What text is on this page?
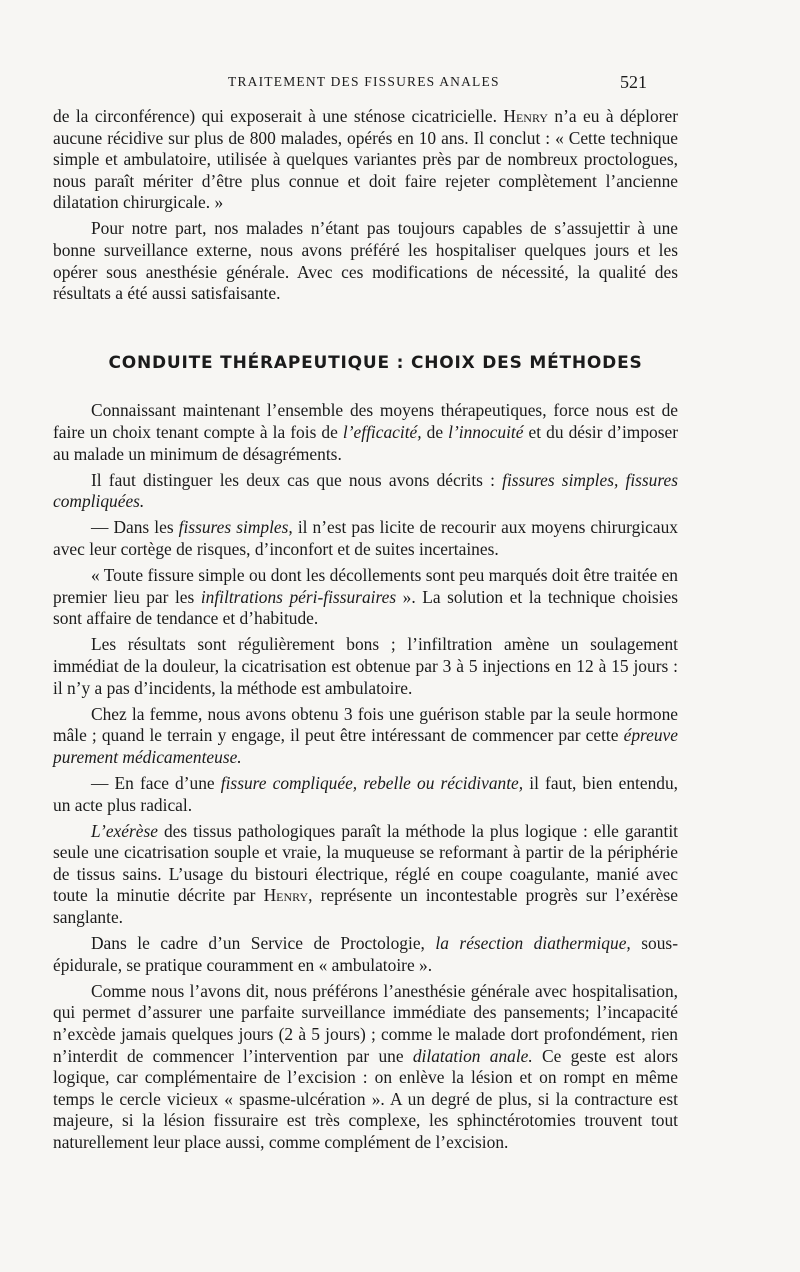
TRAITEMENT DES FISSURES ANALES	521

de la circonférence) qui exposerait à une sténose cicatricielle. Henry n’a eu à déplorer aucune récidive sur plus de 800 malades, opérés en 10 ans. Il conclut : « Cette technique simple et ambulatoire, utilisée à quelques variantes près par de nombreux proctologues, nous paraît mériter d’être plus connue et doit faire rejeter complètement l’ancienne dilatation chirurgicale. »

Pour notre part, nos malades n’étant pas toujours capables de s’assujettir à une bonne surveillance externe, nous avons préféré les hospitaliser quelques jours et les opérer sous anesthésie générale. Avec ces modifications de nécessité, la qualité des résultats a été aussi satisfaisante.

CONDUITE THÉRAPEUTIQUE : CHOIX DES MÉTHODES

Connaissant maintenant l’ensemble des moyens thérapeutiques, force nous est de faire un choix tenant compte à la fois de l’efficacité, de l’innocuité et du désir d’imposer au malade un minimum de désagréments.

Il faut distinguer les deux cas que nous avons décrits : fissures simples, fissures compliquées.

— Dans les fissures simples, il n’est pas licite de recourir aux moyens chirurgicaux avec leur cortège de risques, d’inconfort et de suites incertaines.

« Toute fissure simple ou dont les décollements sont peu marqués doit être traitée en premier lieu par les infiltrations péri-fissuraires ». La solution et la technique choisies sont affaire de tendance et d’habitude.

Les résultats sont régulièrement bons ; l’infiltration amène un soulagement immédiat de la douleur, la cicatrisation est obtenue par 3 à 5 injections en 12 à 15 jours : il n’y a pas d’incidents, la méthode est ambulatoire.

Chez la femme, nous avons obtenu 3 fois une guérison stable par la seule hormone mâle ; quand le terrain y engage, il peut être intéressant de commencer par cette épreuve purement médicamenteuse.

— En face d’une fissure compliquée, rebelle ou récidivante, il faut, bien entendu, un acte plus radical.

L’exérèse des tissus pathologiques paraît la méthode la plus logique : elle garantit seule une cicatrisation souple et vraie, la muqueuse se reformant à partir de la périphérie de tissus sains. L’usage du bistouri électrique, réglé en coupe coagulante, manié avec toute la minutie décrite par Henry, représente un incontestable progrès sur l’exérèse sanglante.

Dans le cadre d’un Service de Proctologie, la résection diathermique, sous-épidurale, se pratique couramment en « ambulatoire ».

Comme nous l’avons dit, nous préférons l’anesthésie générale avec hospitalisation, qui permet d’assurer une parfaite surveillance immédiate des pansements; l’incapacité n’excède jamais quelques jours (2 à 5 jours) ; comme le malade dort profondément, rien n’interdit de commencer l’intervention par une dilatation anale. Ce geste est alors logique, car complémentaire de l’excision : on enlève la lésion et on rompt en même temps le cercle vicieux « spasme-ulcération ». A un degré de plus, si la contracture est majeure, si la lésion fissuraire est très complexe, les sphinctérotomies trouvent tout naturellement leur place aussi, comme complément de l’excision.
